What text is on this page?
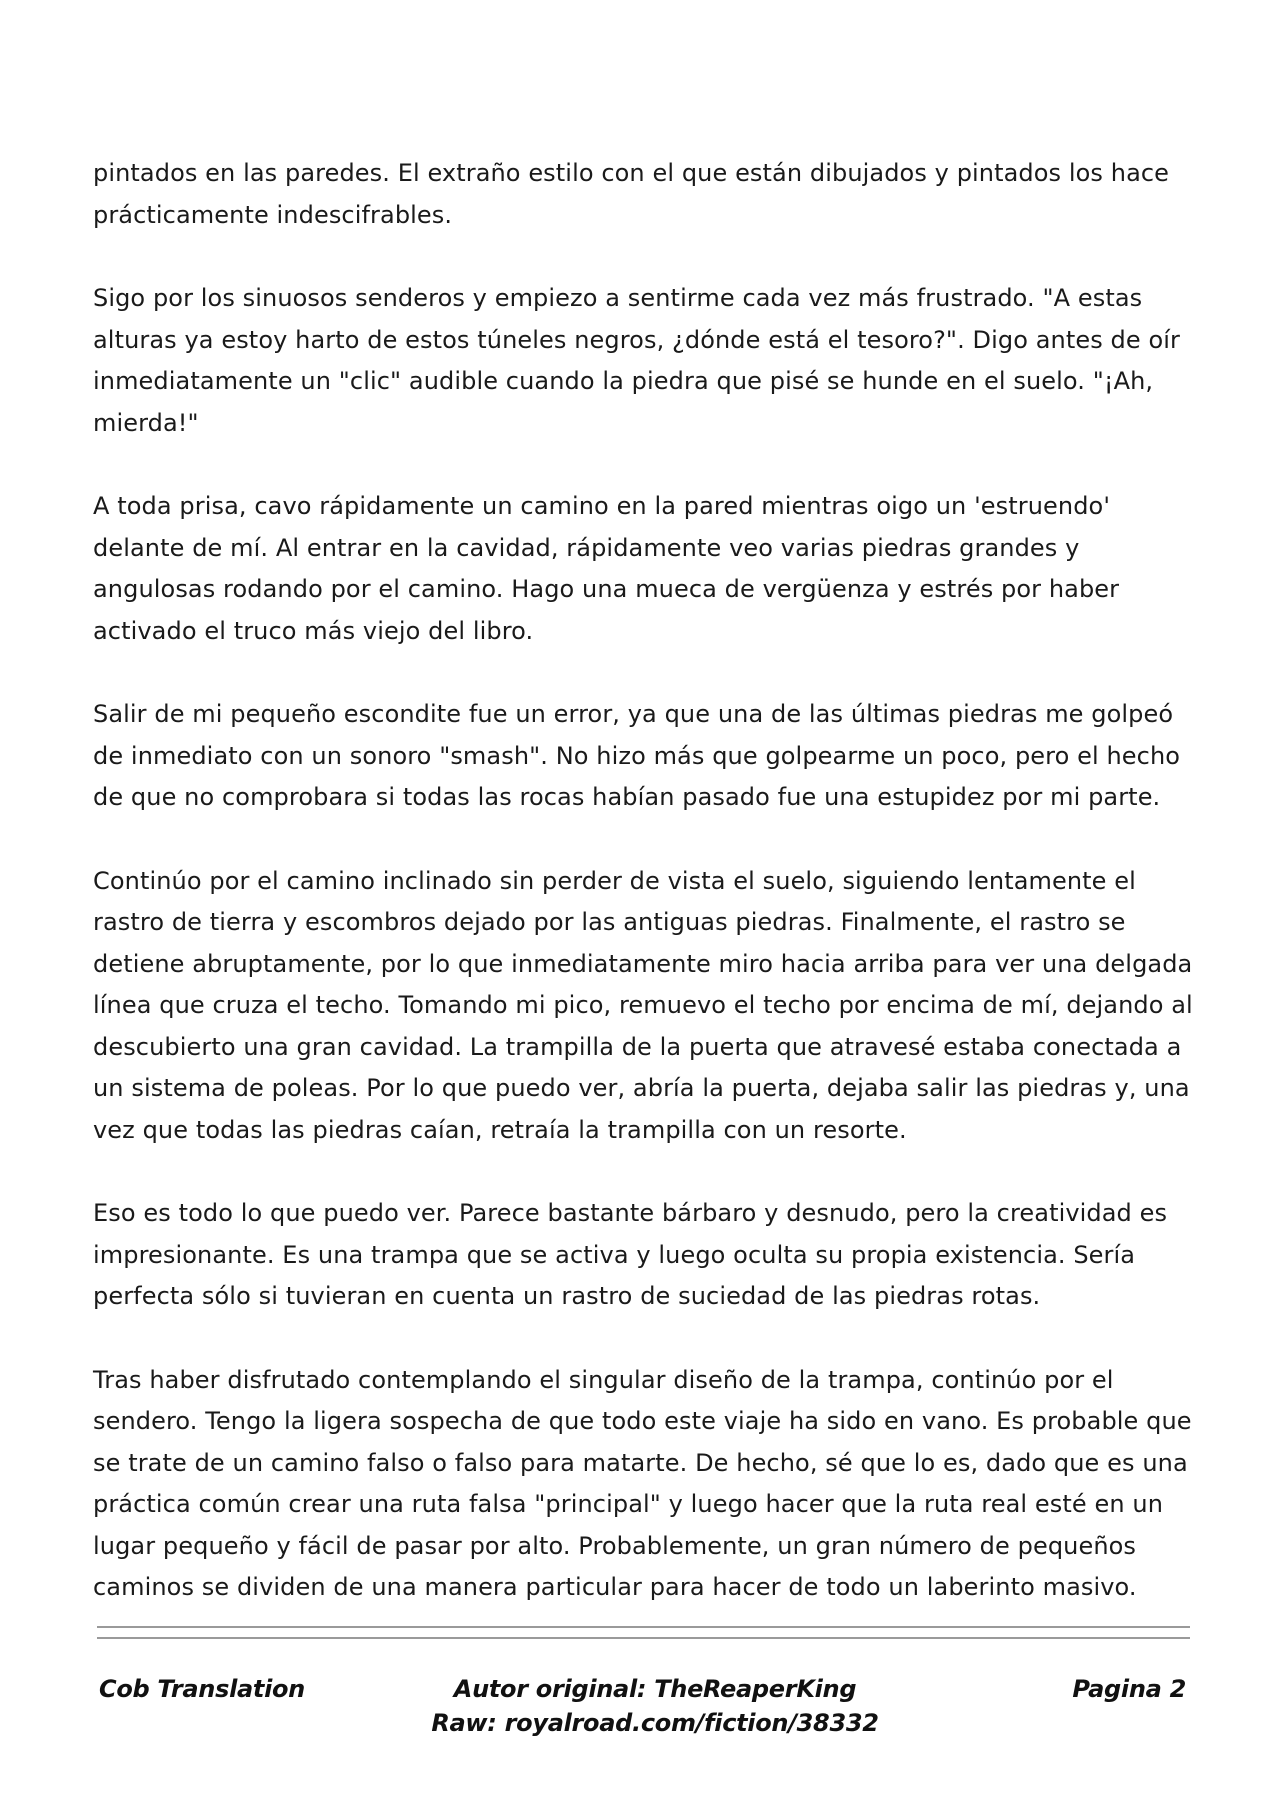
pintados en las paredes. El extraño estilo con el que están dibujados y pintados los hace prácticamente indescifrables.

Sigo por los sinuosos senderos y empiezo a sentirme cada vez más frustrado. "A estas alturas ya estoy harto de estos túneles negros, ¿dónde está el tesoro?". Digo antes de oír inmediatamente un "clic" audible cuando la piedra que pisé se hunde en el suelo. "¡Ah, mierda!"

A toda prisa, cavo rápidamente un camino en la pared mientras oigo un 'estruendo' delante de mí. Al entrar en la cavidad, rápidamente veo varias piedras grandes y angulosas rodando por el camino. Hago una mueca de vergüenza y estrés por haber activado el truco más viejo del libro.

Salir de mi pequeño escondite fue un error, ya que una de las últimas piedras me golpeó de inmediato con un sonoro "smash". No hizo más que golpearme un poco, pero el hecho de que no comprobara si todas las rocas habían pasado fue una estupidez por mi parte.

Continúo por el camino inclinado sin perder de vista el suelo, siguiendo lentamente el rastro de tierra y escombros dejado por las antiguas piedras. Finalmente, el rastro se detiene abruptamente, por lo que inmediatamente miro hacia arriba para ver una delgada línea que cruza el techo. Tomando mi pico, remuevo el techo por encima de mí, dejando al descubierto una gran cavidad. La trampilla de la puerta que atravesé estaba conectada a un sistema de poleas. Por lo que puedo ver, abría la puerta, dejaba salir las piedras y, una vez que todas las piedras caían, retraía la trampilla con un resorte.

Eso es todo lo que puedo ver. Parece bastante bárbaro y desnudo, pero la creatividad es impresionante. Es una trampa que se activa y luego oculta su propia existencia. Sería perfecta sólo si tuvieran en cuenta un rastro de suciedad de las piedras rotas.

Tras haber disfrutado contemplando el singular diseño de la trampa, continúo por el sendero. Tengo la ligera sospecha de que todo este viaje ha sido en vano. Es probable que se trate de un camino falso o falso para matarte. De hecho, sé que lo es, dado que es una práctica común crear una ruta falsa "principal" y luego hacer que la ruta real esté en un lugar pequeño y fácil de pasar por alto. Probablemente, un gran número de pequeños caminos se dividen de una manera particular para hacer de todo un laberinto masivo.

Cob Translation	Autor original: TheReaperKing
Raw: royalroad.com/fiction/38332
Pagina 2
